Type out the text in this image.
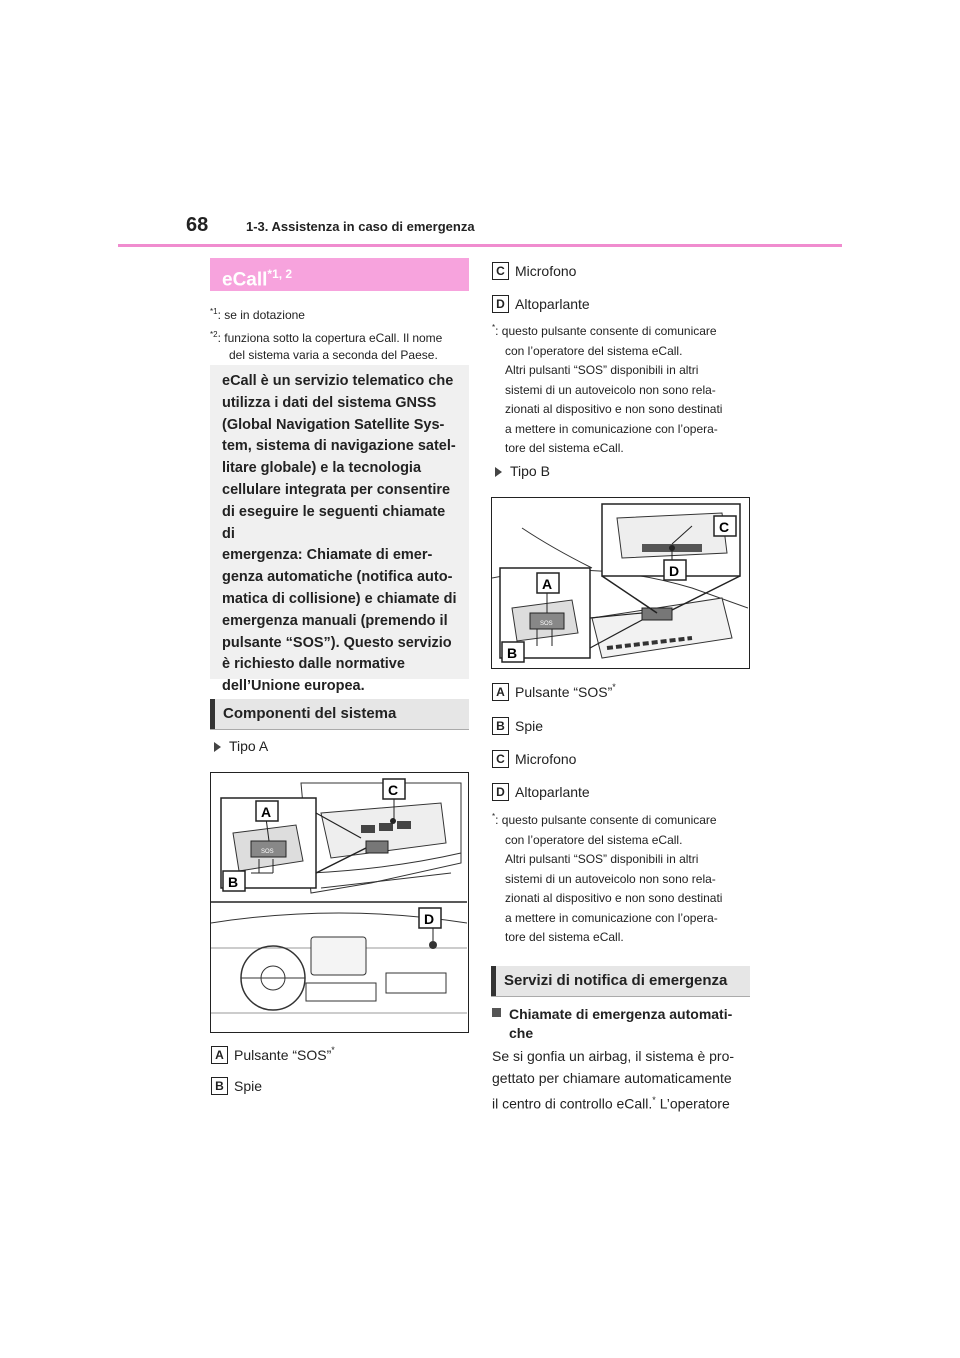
68	1-3. Assistenza in caso di emergenza
eCall$^{*1, 2}$
$^{*1}$: se in dotazione
$^{*2}$: funziona sotto la copertura eCall. Il nome
del sistema varia a seconda del Paese.
eCall è un servizio telematico che
utilizza i dati del sistema GNSS
(Global Navigation Satellite Sys-
tem, sistema di navigazione satel-
litare globale) e la tecnologia
cellulare integrata per consentire
di eseguire le seguenti chiamate di
emergenza: Chiamate di emer-
genza automatiche (notifica auto-
matica di collisione) e chiamate di
emergenza manuali (premendo il
pulsante “SOS”). Questo servizio
è richiesto dalle normative
dell’Unione europea.
Componenti del sistema
Tipo A
SOS
A
B
C
D
A Pulsante “SOS”*
B Spie
C Microfono
D Altoparlante
*: questo pulsante consente di comunicare
con l’operatore del sistema eCall.
Altri pulsanti “SOS” disponibili in altri
sistemi di un autoveicolo non sono rela-
zionati al dispositivo e non sono destinati
a mettere in comunicazione con l’opera-
tore del sistema eCall.
Tipo B
SOS
A
B
C
D
A Pulsante “SOS”*
B Spie
C Microfono
D Altoparlante
*: questo pulsante consente di comunicare
con l’operatore del sistema eCall.
Altri pulsanti “SOS” disponibili in altri
sistemi di un autoveicolo non sono rela-
zionati al dispositivo e non sono destinati
a mettere in comunicazione con l’opera-
tore del sistema eCall.
Servizi di notifica di emergenza
Chiamate di emergenza automati-
che
Se si gonfia un airbag, il sistema è pro-
gettato per chiamare automaticamente
il centro di controllo eCall.* L’operatore
